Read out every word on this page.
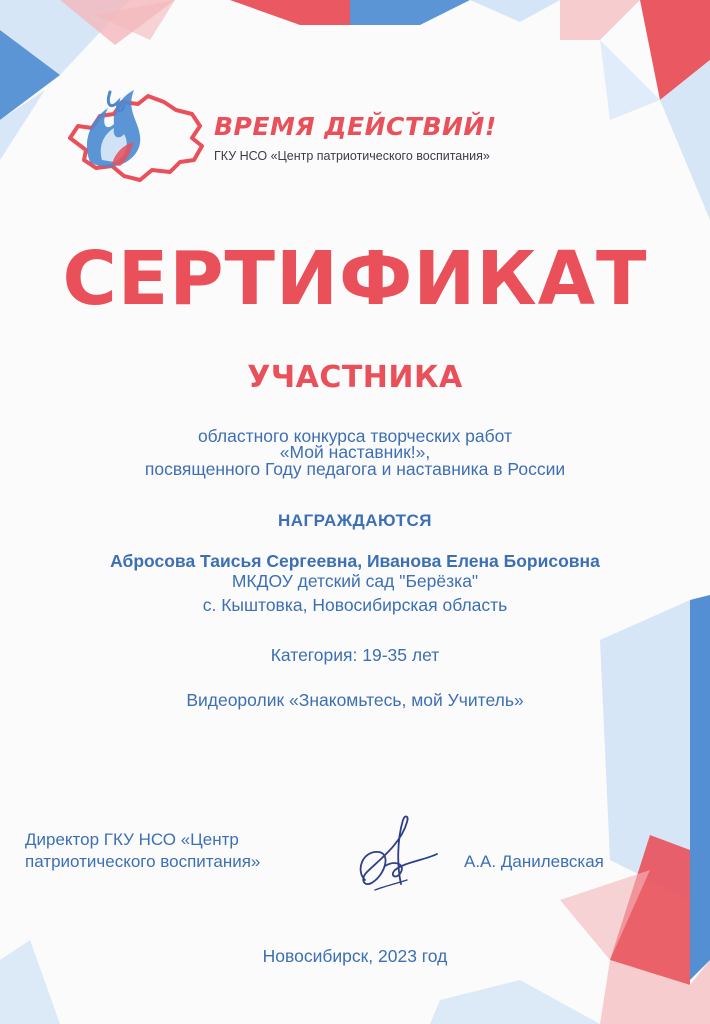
ВРЕМЯ ДЕЙСТВИЙ!
ГКУ НСО «Центр патриотического воспитания»
СЕРТИФИКАТ
УЧАСТНИКА
областного конкурса творческих работ
«Мой наставник!»,
посвященного Году педагога и наставника в России
НАГРАЖДАЮТСЯ
Абросова Таисья Сергеевна, Иванова Елена Борисовна
МКДОУ детский сад "Берёзка"
с. Кыштовка, Новосибирская область
Категория: 19-35 лет
Видеоролик «Знакомьтесь, мой Учитель»
Директор ГКУ НСО «Центр
патриотического воспитания»	А.А. Данилевская
Новосибирск, 2023 год
